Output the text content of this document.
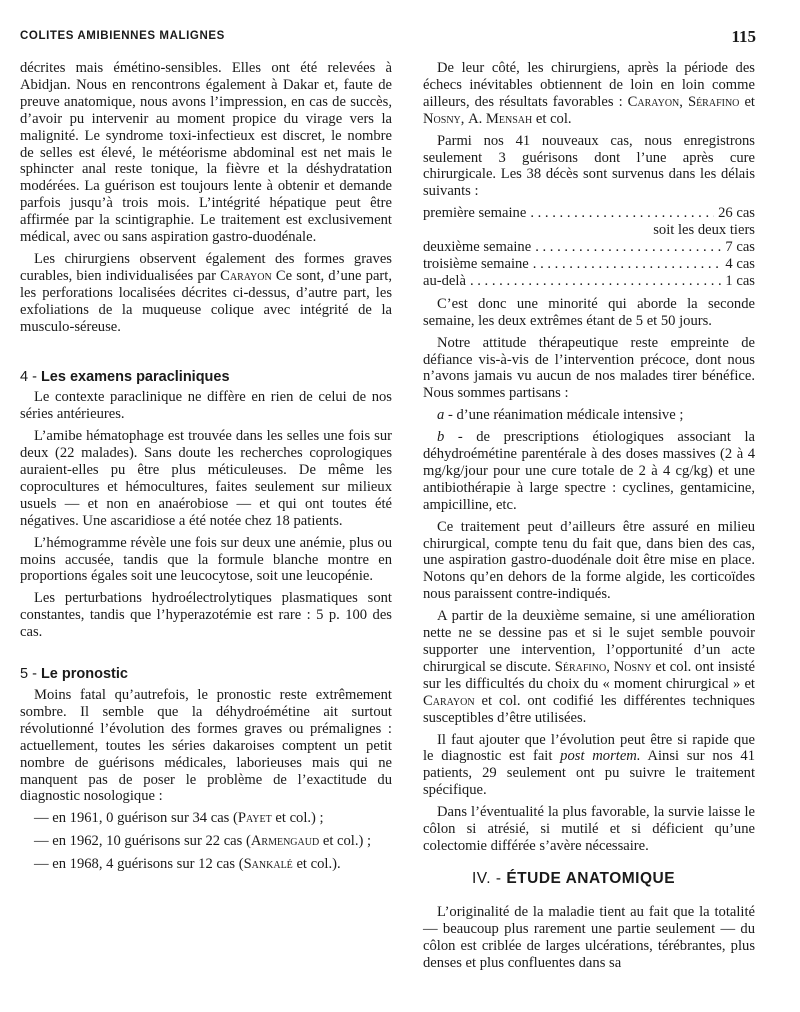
COLITES AMIBIENNES MALIGNES	115

décrites mais émétino-sensibles. Elles ont été relevées à Abidjan. Nous en rencontrons également à Dakar et, faute de preuve anatomique, nous avons l’impression, en cas de succès, d’avoir pu intervenir au moment propice du virage vers la malignité. Le syndrome toxi-infectieux est discret, le nombre de selles est élevé, le météorisme abdominal est net mais le sphincter anal reste tonique, la fièvre et la déshydratation modérées. La guérison est toujours lente à obtenir et demande parfois jusqu’à trois mois. L’intégrité hépatique peut être affirmée par la scintigraphie. Le traitement est exclusivement médical, avec ou sans aspiration gastro-duodénale.

Les chirurgiens observent également des formes graves curables, bien individualisées par Carayon Ce sont, d’une part, les perforations localisées décrites ci-dessus, d’autre part, les exfoliations de la muqueuse colique avec intégrité de la musculo-séreuse.

4 - Les examens paracliniques

Le contexte paraclinique ne diffère en rien de celui de nos séries antérieures.

L’amibe hématophage est trouvée dans les selles une fois sur deux (22 malades). Sans doute les recherches coprologiques auraient-elles pu être plus méticuleuses. De même les coprocultures et hémocultures, faites seulement sur milieux usuels — et non en anaérobiose — et qui ont toutes été négatives. Une ascaridiose a été notée chez 18 patients.

L’hémogramme révèle une fois sur deux une anémie, plus ou moins accusée, tandis que la formule blanche montre en proportions égales soit une leucocytose, soit une leucopénie.

Les perturbations hydroélectrolytiques plasmatiques sont constantes, tandis que l’hyperazotémie est rare : 5 p. 100 des cas.

5 - Le pronostic

Moins fatal qu’autrefois, le pronostic reste extrêmement sombre. Il semble que la déhydroémétine ait surtout révolutionné l’évolution des formes graves ou prémalignes : actuellement, toutes les séries dakaroises comptent un petit nombre de guérisons médicales, laborieuses mais qui ne manquent pas de poser le problème de l’exactitude du diagnostic nosologique :

— en 1961, 0 guérison sur 34 cas (Payet et col.) ;
— en 1962, 10 guérisons sur 22 cas (Armengaud et col.) ;
— en 1968, 4 guérisons sur 12 cas (Sankalé et col.).

De leur côté, les chirurgiens, après la période des échecs inévitables obtiennent de loin en loin comme ailleurs, des résultats favorables : Carayon, Sérafino et Nosny, A. Mensah et col.

Parmi nos 41 nouveaux cas, nous enregistrons seulement 3 guérisons dont l’une après cure chirurgicale. Les 38 décès sont survenus dans les délais suivants :

première semaine . . .	26 cas
soit les deux tiers
deuxième semaine . . .	7 cas
troisième semaine . . .	4 cas
au-delà . . .	1 cas

C’est donc une minorité qui aborde la seconde semaine, les deux extrêmes étant de 5 et 50 jours.

Notre attitude thérapeutique reste empreinte de défiance vis-à-vis de l’intervention précoce, dont nous n’avons jamais vu aucun de nos malades tirer bénéfice. Nous sommes partisans :

a - d’une réanimation médicale intensive ;

b - de prescriptions étiologiques associant la déhydroémétine parentérale à des doses massives (2 à 4 mg/kg/jour pour une cure totale de 2 à 4 cg/kg) et une antibiothérapie à large spectre : cyclines, gentamicine, ampicilline, etc.

Ce traitement peut d’ailleurs être assuré en milieu chirurgical, compte tenu du fait que, dans bien des cas, une aspiration gastro-duodénale doit être mise en place. Notons qu’en dehors de la forme algide, les corticoïdes nous paraissent contre-indiqués.

A partir de la deuxième semaine, si une amélioration nette ne se dessine pas et si le sujet semble pouvoir supporter une intervention, l’opportunité d’un acte chirurgical se discute. Sérafino, Nosny et col. ont insisté sur les difficultés du choix du « moment chirurgical » et Carayon et col. ont codifié les différentes techniques susceptibles d’être utilisées.

Il faut ajouter que l’évolution peut être si rapide que le diagnostic est fait post mortem. Ainsi sur nos 41 patients, 29 seulement ont pu suivre le traitement spécifique.

Dans l’éventualité la plus favorable, la survie laisse le côlon si atrésié, si mutilé et si déficient qu’une colectomie différée s’avère nécessaire.

IV. - ÉTUDE ANATOMIQUE

L’originalité de la maladie tient au fait que la totalité — beaucoup plus rarement une partie seulement — du côlon est criblée de larges ulcérations, térébrantes, plus denses et plus confluentes dans sa
